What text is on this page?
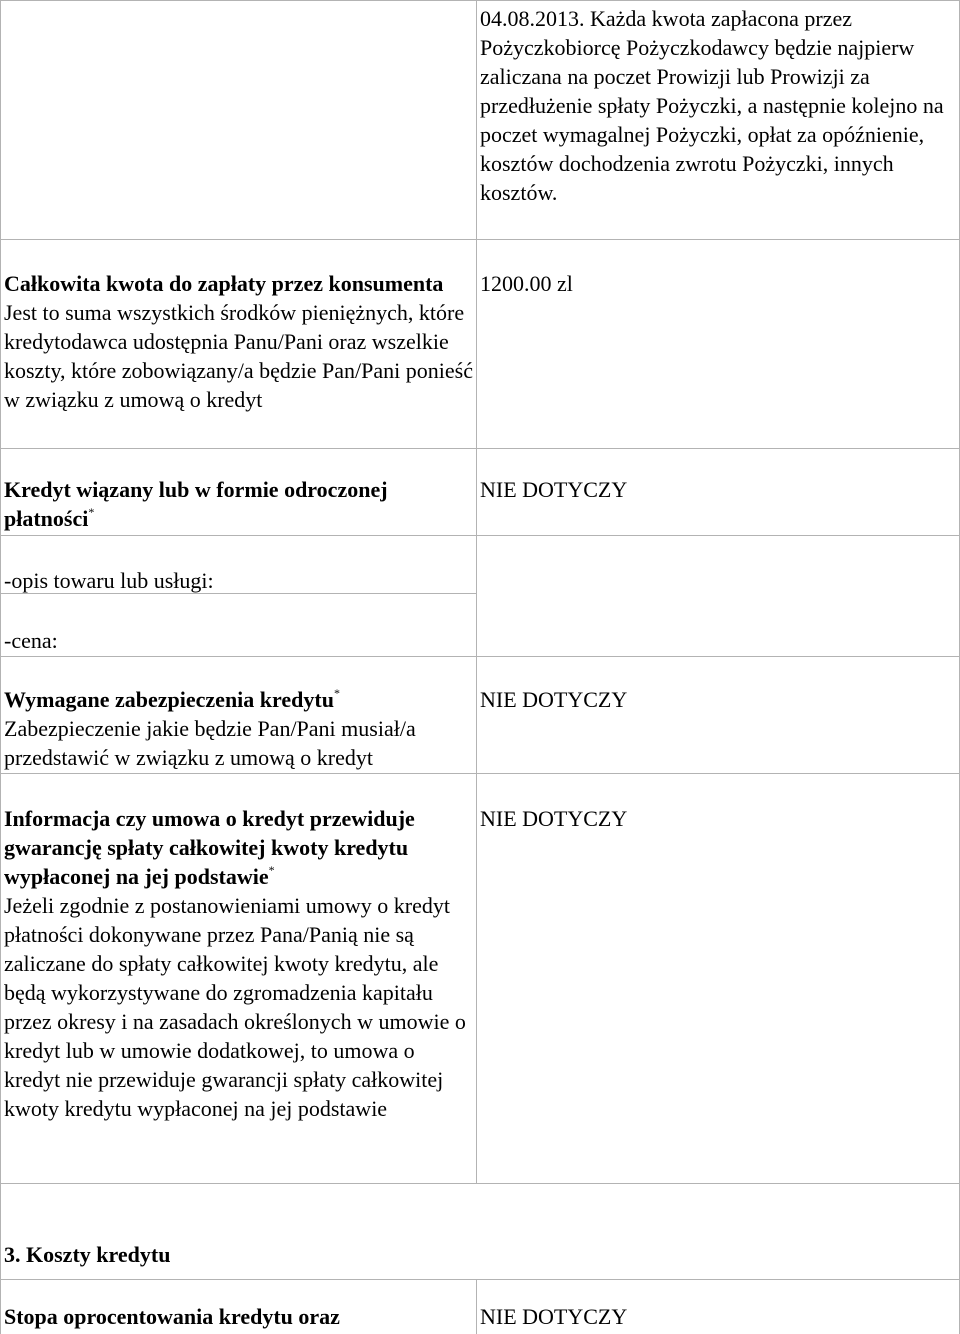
04.08.2013. Każda kwota zapłacona przez Pożyczkobiorcę Pożyczkodawcy będzie najpierw zaliczana na poczet Prowizji lub Prowizji za przedłużenie spłaty Pożyczki, a następnie kolejno na poczet wymagalnej Pożyczki, opłat za opóźnienie, kosztów dochodzenia zwrotu Pożyczki, innych kosztów.
Całkowita kwota do zapłaty przez konsumenta
Jest to suma wszystkich środków pieniężnych, które kredytodawca udostępnia Panu/Pani oraz wszelkie koszty, które zobowiązany/a będzie Pan/Pani ponieść w związku z umową o kredyt
1200.00 zl
Kredyt wiązany lub w formie odroczonej płatności*
NIE DOTYCZY
-opis towaru lub usługi:
-cena:
Wymagane zabezpieczenia kredytu*
Zabezpieczenie jakie będzie Pan/Pani musiał/a przedstawić w związku z umową o kredyt
NIE DOTYCZY
Informacja czy umowa o kredyt przewiduje gwarancję spłaty całkowitej kwoty kredytu wypłaconej na jej podstawie*
Jeżeli zgodnie z postanowieniami umowy o kredyt płatności dokonywane przez Pana/Panią nie są zaliczane do spłaty całkowitej kwoty kredytu, ale będą wykorzystywane do zgromadzenia kapitału przez okresy i na zasadach określonych w umowie o kredyt lub w umowie dodatkowej, to umowa o kredyt nie przewiduje gwarancji spłaty całkowitej kwoty kredytu wypłaconej na jej podstawie
NIE DOTYCZY
3. Koszty kredytu
Stopa oprocentowania kredytu oraz	NIE DOTYCZY
